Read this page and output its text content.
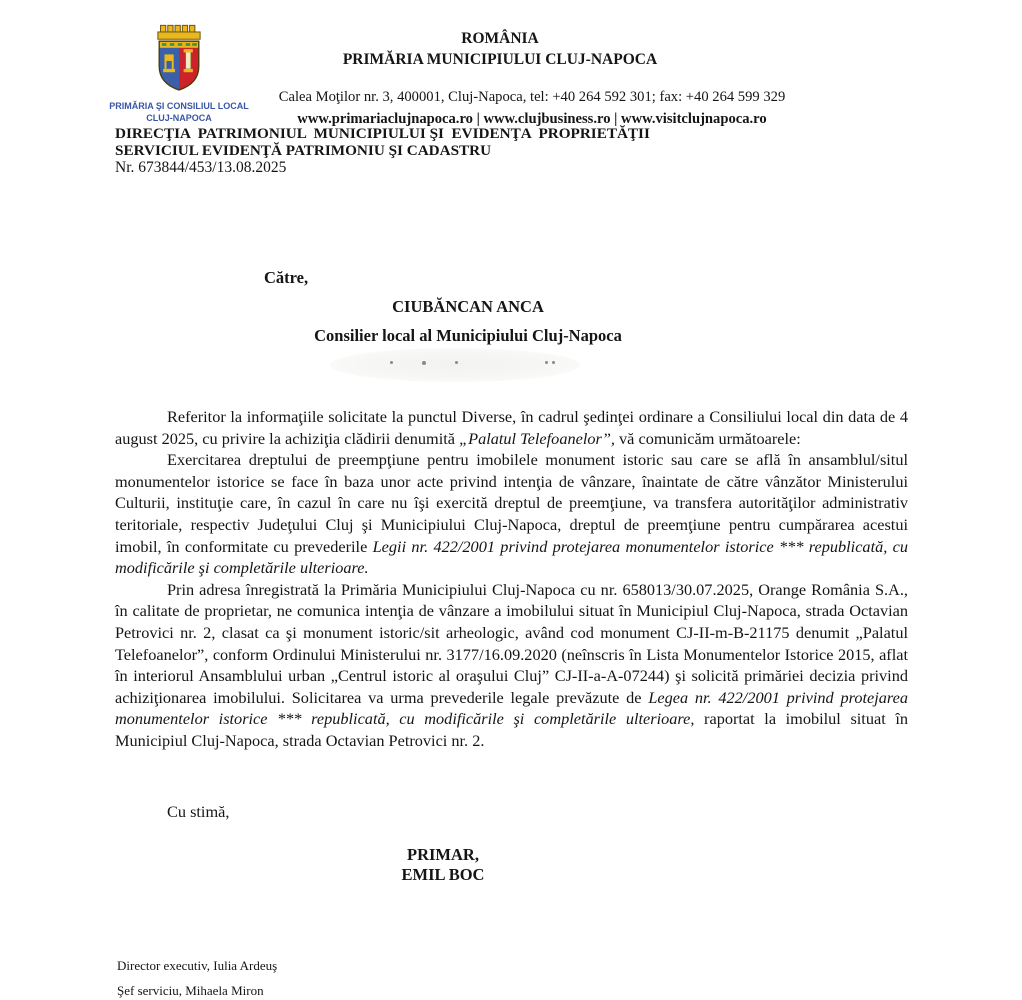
PRIMĂRIA ŞI CONSILIUL LOCAL
CLUJ-NAPOCA
ROMÂNIA
PRIMĂRIA MUNICIPIULUI CLUJ-NAPOCA
Calea Moţilor nr. 3, 400001, Cluj-Napoca, tel: +40 264 592 301; fax: +40 264 599 329
www.primariaclujnapoca.ro | www.clujbusiness.ro | www.visitclujnapoca.ro
DIRECŢIA  PATRIMONIUL  MUNICIPIULUI ŞI  EVIDENŢA  PROPRIETĂŢII
SERVICIUL EVIDENŢĂ PATRIMONIU ŞI CADASTRU
Nr. 673844/453/13.08.2025
Către,
CIUBĂNCAN ANCA
Consilier local al Municipiului Cluj-Napoca

Referitor la informaţiile solicitate la punctul Diverse, în cadrul şedinţei ordinare a Consiliului local din data de 4 august 2025, cu privire la achiziţia clădirii denumită „Palatul Telefoanelor”, vă comunicăm următoarele:

Exercitarea dreptului de preempţiune pentru imobilele monument istoric sau care se află în ansamblul/situl monumentelor istorice se face în baza unor acte privind intenţia de vânzare, înaintate de către vânzător Ministerului Culturii, instituţie care, în cazul în care nu îşi exercită dreptul de preemţiune, va transfera autorităţilor administrativ teritoriale, respectiv Judeţului Cluj şi Municipiului Cluj-Napoca, dreptul de preemţiune pentru cumpărarea acestui imobil, în conformitate cu prevederile Legii nr. 422/2001 privind protejarea monumentelor istorice *** republicată, cu modificările şi completările ulterioare.

Prin adresa înregistrată la Primăria Municipiului Cluj-Napoca cu nr. 658013/30.07.2025, Orange România S.A., în calitate de proprietar, ne comunica intenţia de vânzare a imobilului situat în Municipiul Cluj-Napoca, strada Octavian Petrovici nr. 2, clasat ca şi monument istoric/sit arheologic, având cod monument CJ-II-m-B-21175 denumit „Palatul Telefoanelor”, conform Ordinului Ministerului nr. 3177/16.09.2020 (neînscris în Lista Monumentelor Istorice 2015, aflat în interiorul Ansamblului urban „Centrul istoric al oraşului Cluj” CJ-II-a-A-07244) şi solicită primăriei decizia privind achiziţionarea imobilului. Solicitarea va urma prevederile legale prevăzute de Legea nr. 422/2001 privind protejarea monumentelor istorice *** republicată, cu modificările şi completările ulterioare, raportat la imobilul situat în Municipiul Cluj-Napoca, strada Octavian Petrovici nr. 2.

Cu stimă,
PRIMAR,
EMIL BOC
Director executiv, Iulia Ardeuş
Şef serviciu, Mihaela Miron
